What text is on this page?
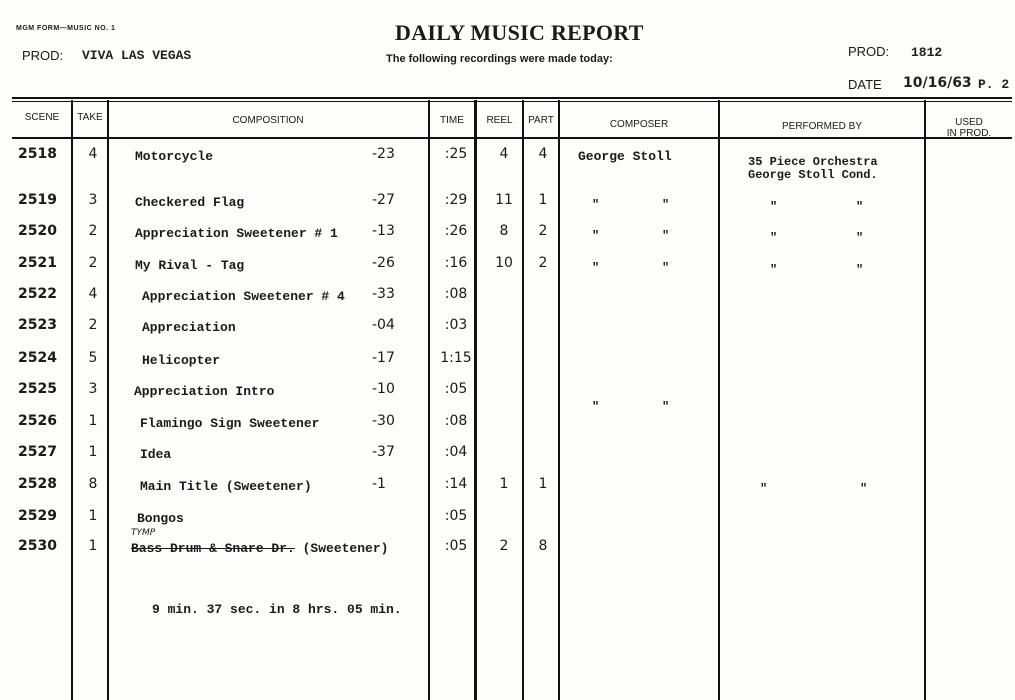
MGM FORM—MUSIC NO. 1
PROD: VIVA LAS VEGAS
DAILY MUSIC REPORT
The following recordings were made today:	PROD: 1812
DATE 10/16/63 P. 2
SCENE	TAKE	COMPOSITION	TIME	REEL	PART	COMPOSER	PERFORMED BY	USED
IN PROD.
2518	4	Motorcycle	-23	:25	4	4	George Stoll	35 Piece Orchestra
George Stoll Cond.
2519	3	Checkered Flag	-27	:29	11	1	"	"	"	"
2520	2	Appreciation Sweetener # 1 -13	:26	8	2	"	"	"	"
2521	2	My Rival - Tag	-26	:16	10	2	"	"	"	"
2522	4	Appreciation Sweetener # 4 -33	:08
2523	2	Appreciation	-04	:03
2524	5	Helicopter	-17	1:15
2525	3	Appreciation Intro	-10	:05
"	"
2526	1	Flamingo Sign Sweetener	-30	:08
2527	1	Idea	-37	:04
2528	8	Main Title (Sweetener)	-1	:14	1	1	"	"
2529	1	Bongos	:05
2530	1
TYMP
Bass Drum & Snare Dr. (Sweetener)	:05	2	8
9 min. 37 sec. in 8 hrs. 05 min.
